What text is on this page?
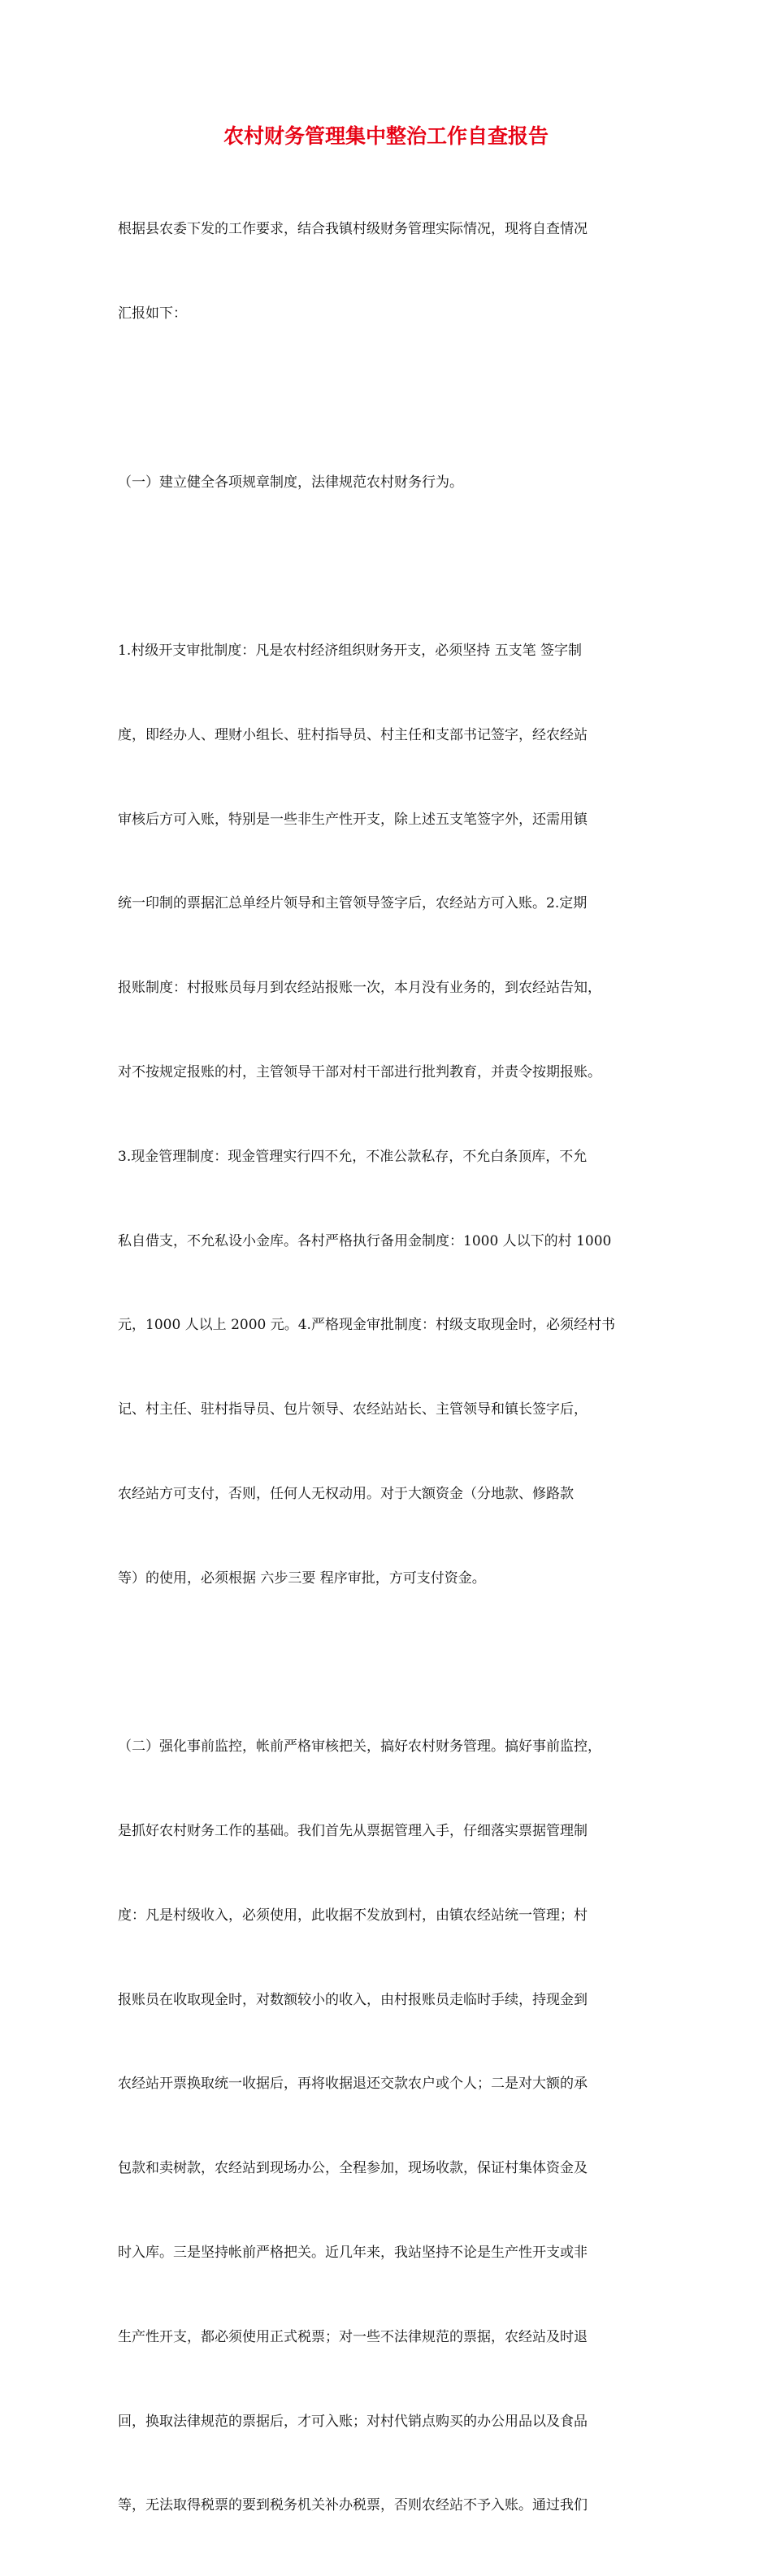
农村财务管理集中整治工作自查报告

根据县农委下发的工作要求，结合我镇村级财务管理实际情况，现将自查情况

汇报如下：

（一）建立健全各项规章制度，法律规范农村财务行为。

1.村级开支审批制度：凡是农村经济组织财务开支，必须坚持 五支笔 签字制

度，即经办人、理财小组长、驻村指导员、村主任和支部书记签字，经农经站

审核后方可入账，特别是一些非生产性开支，除上述五支笔签字外，还需用镇

统一印制的票据汇总单经片领导和主管领导签字后，农经站方可入账。2.定期

报账制度：村报账员每月到农经站报账一次，本月没有业务的，到农经站告知，

对不按规定报账的村，主管领导干部对村干部进行批判教育，并责令按期报账。

3.现金管理制度：现金管理实行四不允，不准公款私存，不允白条顶库，不允

私自借支，不允私设小金库。各村严格执行备用金制度：1000 人以下的村 1000

元，1000 人以上 2000 元。4.严格现金审批制度：村级支取现金时，必须经村书

记、村主任、驻村指导员、包片领导、农经站站长、主管领导和镇长签字后，

农经站方可支付，否则，任何人无权动用。对于大额资金（分地款、修路款

等）的使用，必须根据 六步三要 程序审批，方可支付资金。

（二）强化事前监控，帐前严格审核把关，搞好农村财务管理。搞好事前监控，

是抓好农村财务工作的基础。我们首先从票据管理入手，仔细落实票据管理制

度：凡是村级收入，必须使用，此收据不发放到村，由镇农经站统一管理；村

报账员在收取现金时，对数额较小的收入，由村报账员走临时手续，持现金到

农经站开票换取统一收据后，再将收据退还交款农户或个人；二是对大额的承

包款和卖树款，农经站到现场办公，全程参加，现场收款，保证村集体资金及

时入库。三是坚持帐前严格把关。近几年来，我站坚持不论是生产性开支或非

生产性开支，都必须使用正式税票；对一些不法律规范的票据，农经站及时退

回，换取法律规范的票据后，才可入账；对村代销点购买的办公用品以及食品

等，无法取得税票的要到税务机关补办税票，否则农经站不予入账。通过我们
